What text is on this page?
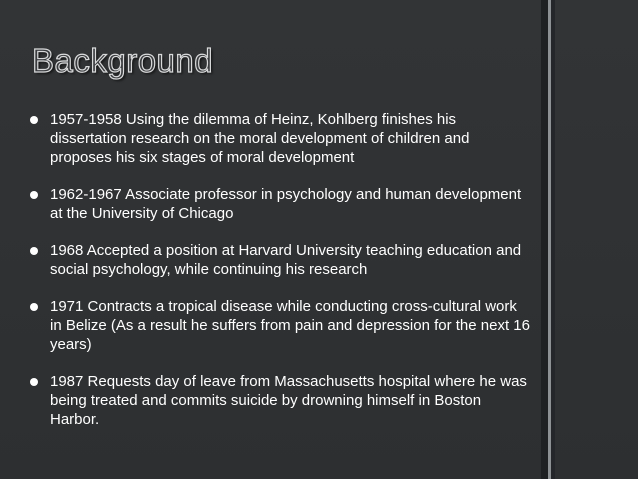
Background
1957-1958 Using the dilemma of Heinz, Kohlberg finishes his dissertation research on the moral development of children and proposes his six stages of moral development
1962-1967 Associate professor in psychology and human development at the University of Chicago
1968 Accepted a position at Harvard University teaching education and social psychology, while continuing his research
1971 Contracts a tropical disease while conducting cross-cultural work in Belize (As a result he suffers from pain and depression for the next 16 years)
1987 Requests day of leave from Massachusetts hospital where he was being treated and commits suicide by drowning himself in Boston Harbor.
